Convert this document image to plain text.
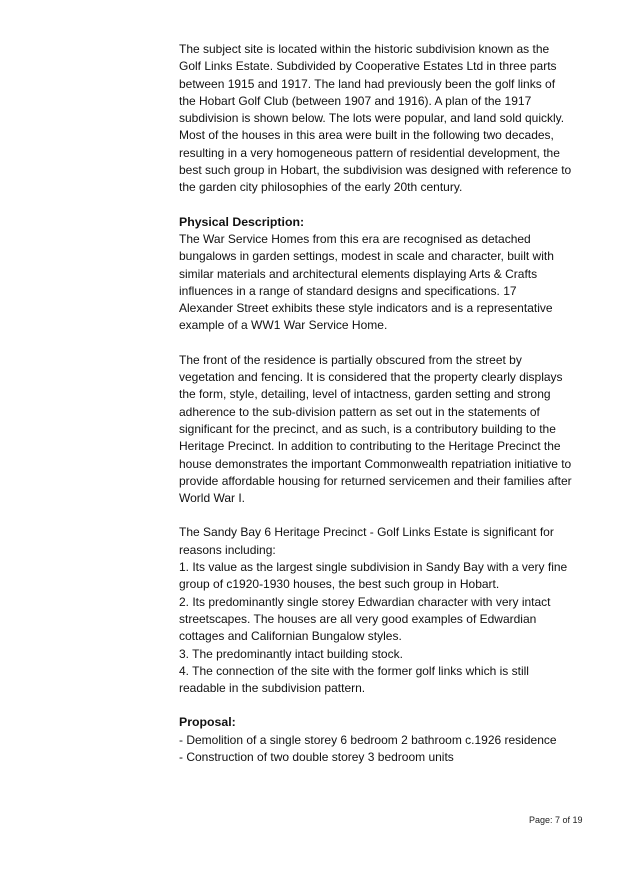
The subject site is located within the historic subdivision known as the
Golf Links Estate. Subdivided by Cooperative Estates Ltd in three parts
between 1915 and 1917. The land had previously been the golf links of
the Hobart Golf Club (between 1907 and 1916). A plan of the 1917
subdivision is shown below. The lots were popular, and land sold quickly.
Most of the houses in this area were built in the following two decades,
resulting in a very homogeneous pattern of residential development, the
best such group in Hobart, the subdivision was designed with reference to
the garden city philosophies of the early 20th century.

Physical Description:

The War Service Homes from this era are recognised as detached
bungalows in garden settings, modest in scale and character, built with
similar materials and architectural elements displaying Arts & Crafts
influences in a range of standard designs and specifications. 17
Alexander Street exhibits these style indicators and is a representative
example of a WW1 War Service Home.

The front of the residence is partially obscured from the street by
vegetation and fencing. It is considered that the property clearly displays
the form, style, detailing, level of intactness, garden setting and strong
adherence to the sub-division pattern as set out in the statements of
significant for the precinct, and as such, is a contributory building to the
Heritage Precinct. In addition to contributing to the Heritage Precinct the
house demonstrates the important Commonwealth repatriation initiative to
provide affordable housing for returned servicemen and their families after
World War I.

The Sandy Bay 6 Heritage Precinct - Golf Links Estate is significant for
reasons including:

1. Its value as the largest single subdivision in Sandy Bay with a very fine
group of c1920-1930 houses, the best such group in Hobart.

2. Its predominantly single storey Edwardian character with very intact
streetscapes. The houses are all very good examples of Edwardian
cottages and Californian Bungalow styles.

3. The predominantly intact building stock.

4. The connection of the site with the former golf links which is still
readable in the subdivision pattern.

Proposal:

- Demolition of a single storey 6 bedroom 2 bathroom c.1926 residence

- Construction of two double storey 3 bedroom units

Page: 7 of 19
